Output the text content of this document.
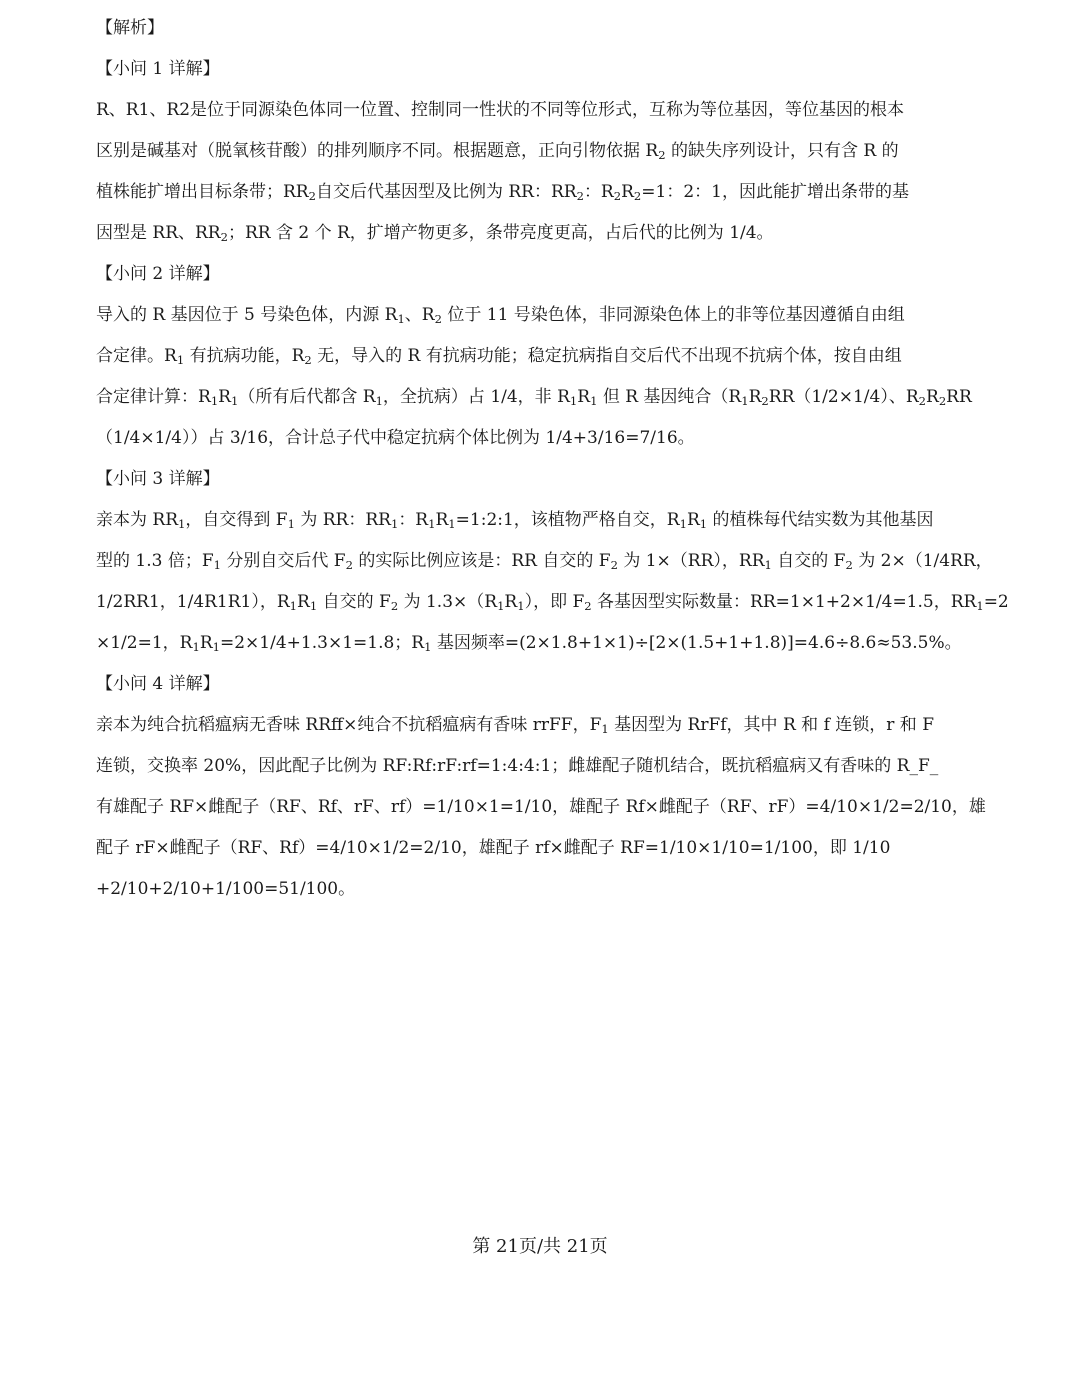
【解析】
【小问 1 详解】
R、R1、R2是位于同源染色体同一位置、控制同一性状的不同等位形式，互称为等位基因，等位基因的根本
区别是碱基对（脱氧核苷酸）的排列顺序不同。根据题意，正向引物依据 $R_2$ 的缺失序列设计，只有含 R 的
植株能扩增出目标条带；$RR_2$自交后代基因型及比例为 RR：$RR_2$：$R_2R_2=1$：2：1，因此能扩增出条带的基
因型是 RR、$RR_2$；RR 含 2 个 R，扩增产物更多，条带亮度更高，占后代的比例为 1/4。
【小问 2 详解】
导入的 R 基因位于 5 号染色体，内源 $R_1$、$R_2$ 位于 11 号染色体，非同源染色体上的非等位基因遵循自由组
合定律。$R_1$ 有抗病功能，$R_2$ 无，导入的 R 有抗病功能；稳定抗病指自交后代不出现不抗病个体，按自由组
合定律计算：$R_1R_1$（所有后代都含 $R_1$，全抗病）占 1/4，非 $R_1R_1$ 但 R 基因纯合（$R_1R_2RR(1/2\times 1/4)$、$R_2R_2RR$
（1/4×1/4））占 3/16，合计总子代中稳定抗病个体比例为 1/4+3/16=7/16。
【小问 3 详解】
亲本为 $RR_1$，自交得到 $F_1$ 为 RR：$RR_1$：$R_1R_1=1:2:1$，该植物严格自交，$R_1R_1$ 的植株每代结实数为其他基因
型的 1.3 倍；$F_1$ 分别自交后代 $F_2$ 的实际比例应该是：RR 自交的 $F_2$ 为 1×（RR），$RR_1$ 自交的 $F_2$ 为 2×（1/4RR，
1/2RR1，1/4R1R1），$R_1R_1$ 自交的 $F_2$ 为 $1.3\times(R_1R_1)$，即 $F_2$ 各基因型实际数量：RR=1×1+2×1/4=1.5，$RR_1=2$
×1/2=1，$R_1R_1=2\times 1/4+1.3\times 1=1.8$；$R_1$ 基因频率=(2×1.8+1×1)÷[2×(1.5+1+1.8)]=4.6÷8.6≈53.5%。
【小问 4 详解】
亲本为纯合抗稻瘟病无香味 RRff×纯合不抗稻瘟病有香味 rrFF，$F_1$ 基因型为 RrFf，其中 R 和 f 连锁，r 和 F
连锁，交换率 20%，因此配子比例为 RF:Rf:rF:rf=1:4:4:1；雌雄配子随机结合，既抗稻瘟病又有香味的 R_F_
有雄配子 RF×雌配子（RF、Rf、rF、rf）=1/10×1=1/10，雄配子 Rf×雌配子（RF、rF）=4/10×1/2=2/10，雄
配子 rF×雌配子（RF、Rf）=4/10×1/2=2/10，雄配子 rf×雌配子 RF=1/10×1/10=1/100，即 1/10
+2/10+2/10+1/100=51/100。
第 21页/共 21页
